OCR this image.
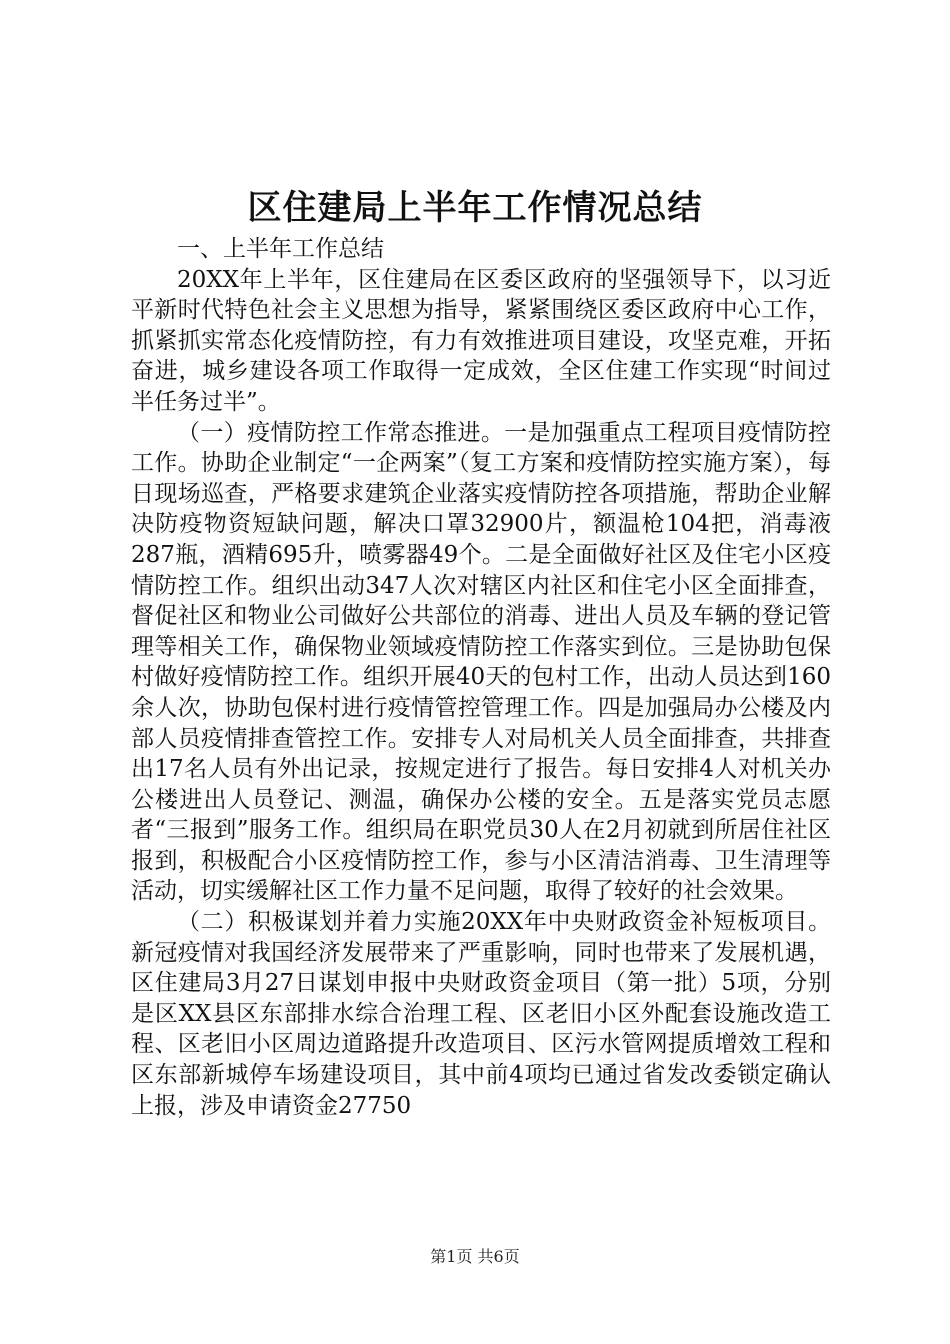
区住建局上半年工作情况总结

一、上半年工作总结

20XX年上半年，区住建局在区委区政府的坚强领导下，以习近平新时代特色社会主义思想为指导，紧紧围绕区委区政府中心工作，抓紧抓实常态化疫情防控，有力有效推进项目建设，攻坚克难，开拓奋进，城乡建设各项工作取得一定成效，全区住建工作实现“时间过半任务过半”。

（一）疫情防控工作常态推进。一是加强重点工程项目疫情防控工作。协助企业制定“一企两案”（复工方案和疫情防控实施方案），每日现场巡查，严格要求建筑企业落实疫情防控各项措施，帮助企业解决防疫物资短缺问题，解决口罩32900片，额温枪104把，消毒液287瓶，酒精695升，喷雾器49个。二是全面做好社区及住宅小区疫情防控工作。组织出动347人次对辖区内社区和住宅小区全面排查，督促社区和物业公司做好公共部位的消毒、进出人员及车辆的登记管理等相关工作，确保物业领域疫情防控工作落实到位。三是协助包保村做好疫情防控工作。组织开展40天的包村工作，出动人员达到160余人次，协助包保村进行疫情管控管理工作。四是加强局办公楼及内部人员疫情排查管控工作。安排专人对局机关人员全面排查，共排查出17名人员有外出记录，按规定进行了报告。每日安排4人对机关办公楼进出人员登记、测温，确保办公楼的安全。五是落实党员志愿者“三报到”服务工作。组织局在职党员30人在2月初就到所居住社区报到，积极配合小区疫情防控工作，参与小区清洁消毒、卫生清理等活动，切实缓解社区工作力量不足问题，取得了较好的社会效果。

（二）积极谋划并着力实施20XX年中央财政资金补短板项目。新冠疫情对我国经济发展带来了严重影响，同时也带来了发展机遇，区住建局3月27日谋划申报中央财政资金项目（第一批）5项，分别是区XX县区东部排水综合治理工程、区老旧小区外配套设施改造工程、区老旧小区周边道路提升改造项目、区污水管网提质增效工程和区东部新城停车场建设项目，其中前4项均已通过省发改委锁定确认上报，涉及申请资金27750

第1页 共6页
